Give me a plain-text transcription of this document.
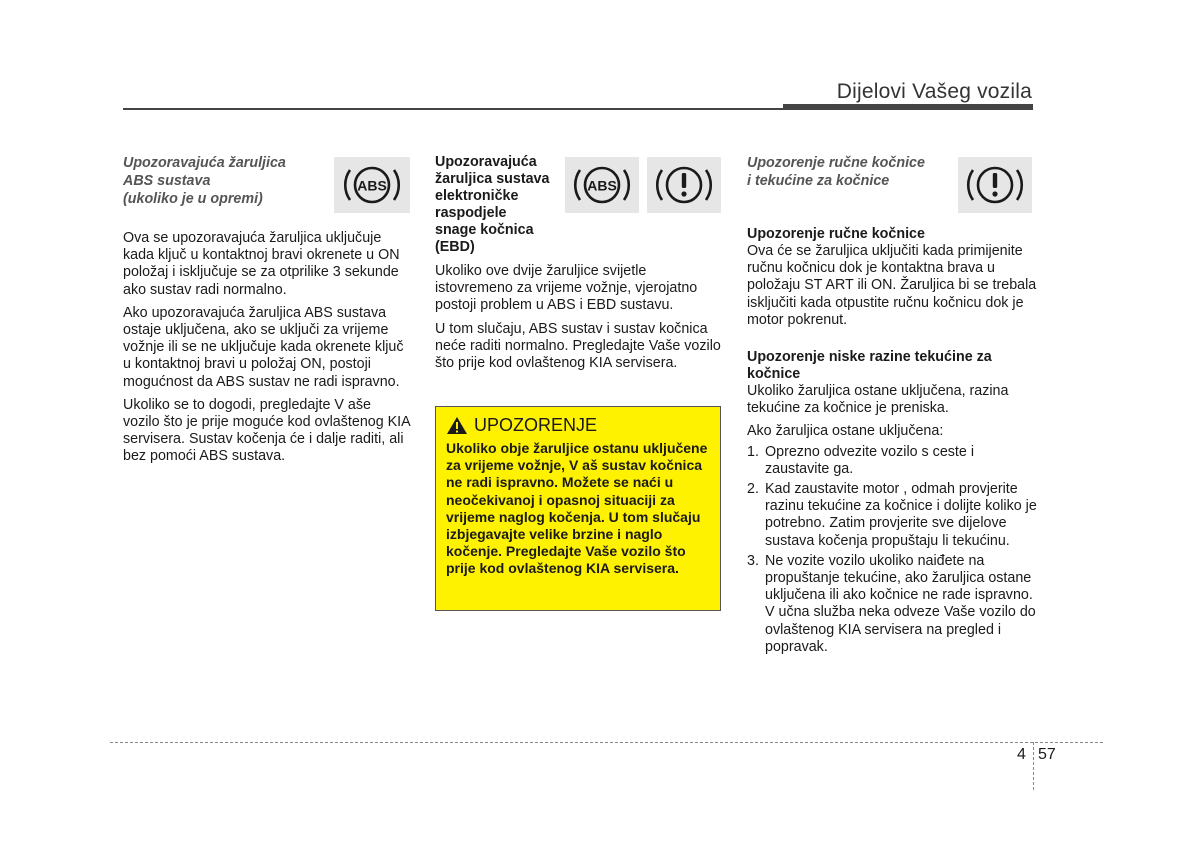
Dijelovi Vašeg vozila
Upozoravajuća žaruljica
ABS sustava
(ukoliko je u opremi)

Ova se upozoravajuća žaruljica uključuje kada ključ u kontaktnoj bravi okrenete u ON položaj i isključuje se za otprilike 3 sekunde ako sustav radi normalno.

Ako upozoravajuća žaruljica ABS sustava ostaje uključena, ako se uključi za vrijeme vožnje ili se ne uključuje kada okrenete ključ u kontaktnoj bravi u položaj ON, postoji mogućnost da ABS sustav ne radi ispravno.

Ukoliko se to dogodi, pregledajte V aše vozilo što je prije moguće kod ovlaštenog KIA servisera. Sustav kočenja će i dalje raditi, ali bez pomoći ABS sustava.

ABS
Upozoravajuća
žaruljica sustava
elektroničke
raspodjele
snage kočnica (EBD)

Ukoliko ove dvije žaruljice svijetle istovremeno za vrijeme vožnje, vjerojatno postoji problem u ABS i EBD sustavu.

U tom slučaju, ABS sustav i sustav kočnica neće raditi normalno. Pregledajte Vaše vozilo što prije kod ovlaštenog KIA servisera.

ABS
UPOZORENJE
Ukoliko obje žaruljice ostanu uključene za vrijeme vožnje, V aš sustav kočnica ne radi ispravno. Možete se naći u neočekivanoj i opasnoj situaciji za vrijeme naglog kočenja. U tom slučaju izbjegavajte velike brzine i naglo kočenje. Pregledajte Vaše vozilo što prije kod ovlaštenog KIA servisera.
Upozorenje ručne kočnice
i tekućine za kočnice
Upozorenje ručne kočnice

Ova će se žaruljica uključiti kada primijenite ručnu kočnicu dok je kontaktna brava u položaju ST ART ili ON. Žaruljica bi se trebala isključiti kada otpustite ručnu kočnicu dok je motor pokrenut.

Upozorenje niske razine tekućine za kočnice

Ukoliko žaruljica ostane uključena, razina tekućine za kočnice je preniska.

Ako žaruljica ostane uključena:

1. Oprezno odvezite vozilo s ceste i zaustavite ga.
2. Kad zaustavite motor , odmah provjerite razinu tekućine za kočnice i dolijte koliko je potrebno. Zatim provjerite sve dijelove sustava kočenja propuštaju li tekućinu.
3. Ne vozite vozilo ukoliko naiđete na propuštanje tekućine, ako žaruljica ostane uključena ili ako kočnice ne rade ispravno. V učna služba neka odveze Vaše vozilo do ovlaštenog KIA servisera na pregled i popravak.
4 57
